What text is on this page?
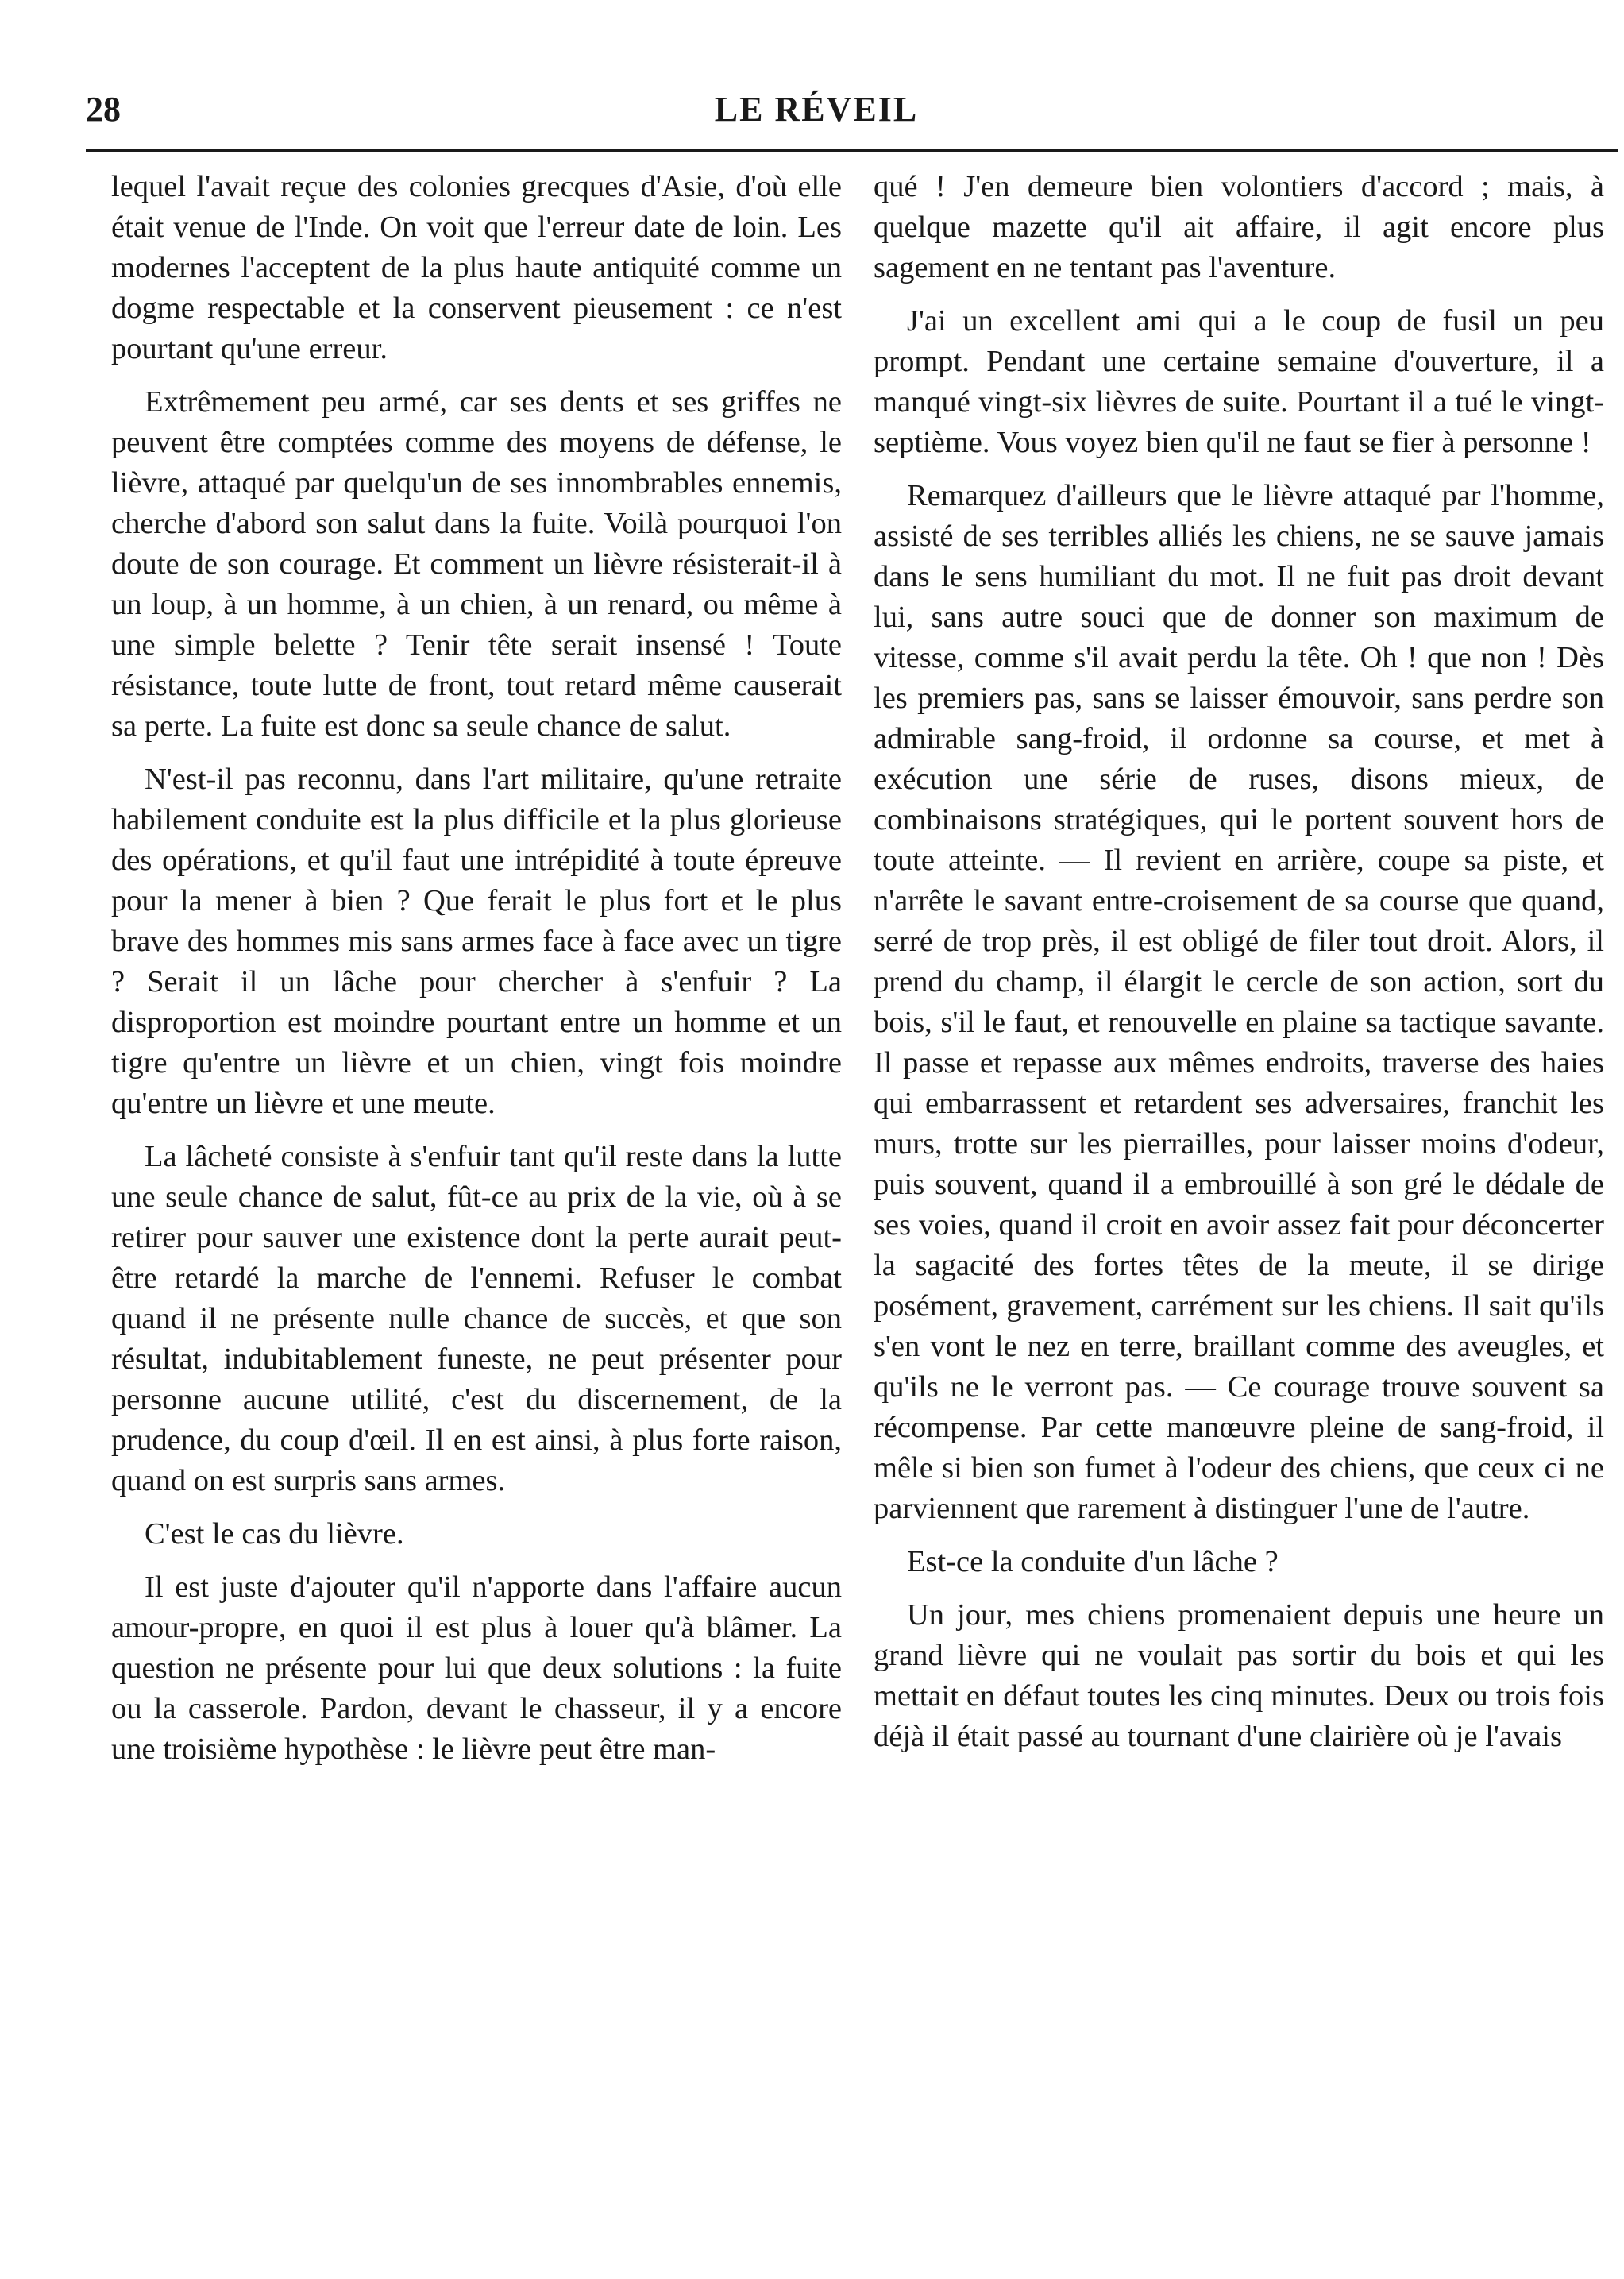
28	LE RÉVEIL

lequel l'avait reçue des colonies grecques d'Asie, d'où elle était venue de l'Inde. On voit que l'erreur date de loin. Les modernes l'acceptent de la plus haute antiquité comme un dogme respectable et la conservent pieusement : ce n'est pourtant qu'une erreur.

Extrêmement peu armé, car ses dents et ses griffes ne peuvent être comptées comme des moyens de défense, le lièvre, attaqué par quelqu'un de ses innombrables ennemis, cherche d'abord son salut dans la fuite. Voilà pourquoi l'on doute de son courage. Et comment un lièvre résisterait-il à un loup, à un homme, à un chien, à un renard, ou même à une simple belette ? Tenir tête serait insensé ! Toute résistance, toute lutte de front, tout retard même causerait sa perte. La fuite est donc sa seule chance de salut.

N'est-il pas reconnu, dans l'art militaire, qu'une retraite habilement conduite est la plus difficile et la plus glorieuse des opérations, et qu'il faut une intrépidité à toute épreuve pour la mener à bien ? Que ferait le plus fort et le plus brave des hommes mis sans armes face à face avec un tigre ? Serait il un lâche pour chercher à s'enfuir ? La disproportion est moindre pourtant entre un homme et un tigre qu'entre un lièvre et un chien, vingt fois moindre qu'entre un lièvre et une meute.

La lâcheté consiste à s'enfuir tant qu'il reste dans la lutte une seule chance de salut, fût-ce au prix de la vie, où à se retirer pour sauver une existence dont la perte aurait peut-être retardé la marche de l'ennemi. Refuser le combat quand il ne présente nulle chance de succès, et que son résultat, indubitablement funeste, ne peut présenter pour personne aucune utilité, c'est du discernement, de la prudence, du coup d'œil. Il en est ainsi, à plus forte raison, quand on est surpris sans armes.

C'est le cas du lièvre.

Il est juste d'ajouter qu'il n'apporte dans l'affaire aucun amour-propre, en quoi il est plus à louer qu'à blâmer. La question ne présente pour lui que deux solutions : la fuite ou la casserole. Pardon, devant le chasseur, il y a encore une troisième hypothèse : le lièvre peut être man-

qué ! J'en demeure bien volontiers d'accord ; mais, à quelque mazette qu'il ait affaire, il agit encore plus sagement en ne tentant pas l'aventure.

J'ai un excellent ami qui a le coup de fusil un peu prompt. Pendant une certaine semaine d'ouverture, il a manqué vingt-six lièvres de suite. Pourtant il a tué le vingt-septième. Vous voyez bien qu'il ne faut se fier à personne !

Remarquez d'ailleurs que le lièvre attaqué par l'homme, assisté de ses terribles alliés les chiens, ne se sauve jamais dans le sens humiliant du mot. Il ne fuit pas droit devant lui, sans autre souci que de donner son maximum de vitesse, comme s'il avait perdu la tête. Oh ! que non ! Dès les premiers pas, sans se laisser émouvoir, sans perdre son admirable sang-froid, il ordonne sa course, et met à exécution une série de ruses, disons mieux, de combinaisons stratégiques, qui le portent souvent hors de toute atteinte. — Il revient en arrière, coupe sa piste, et n'arrête le savant entre-croisement de sa course que quand, serré de trop près, il est obligé de filer tout droit. Alors, il prend du champ, il élargit le cercle de son action, sort du bois, s'il le faut, et renouvelle en plaine sa tactique savante. Il passe et repasse aux mêmes endroits, traverse des haies qui embarrassent et retardent ses adversaires, franchit les murs, trotte sur les pierrailles, pour laisser moins d'odeur, puis souvent, quand il a embrouillé à son gré le dédale de ses voies, quand il croit en avoir assez fait pour déconcerter la sagacité des fortes têtes de la meute, il se dirige posément, gravement, carrément sur les chiens. Il sait qu'ils s'en vont le nez en terre, braillant comme des aveugles, et qu'ils ne le verront pas. — Ce courage trouve souvent sa récompense. Par cette manœuvre pleine de sang-froid, il mêle si bien son fumet à l'odeur des chiens, que ceux ci ne parviennent que rarement à distinguer l'une de l'autre.

Est-ce la conduite d'un lâche ?

Un jour, mes chiens promenaient depuis une heure un grand lièvre qui ne voulait pas sortir du bois et qui les mettait en défaut toutes les cinq minutes. Deux ou trois fois déjà il était passé au tournant d'une clairière où je l'avais
